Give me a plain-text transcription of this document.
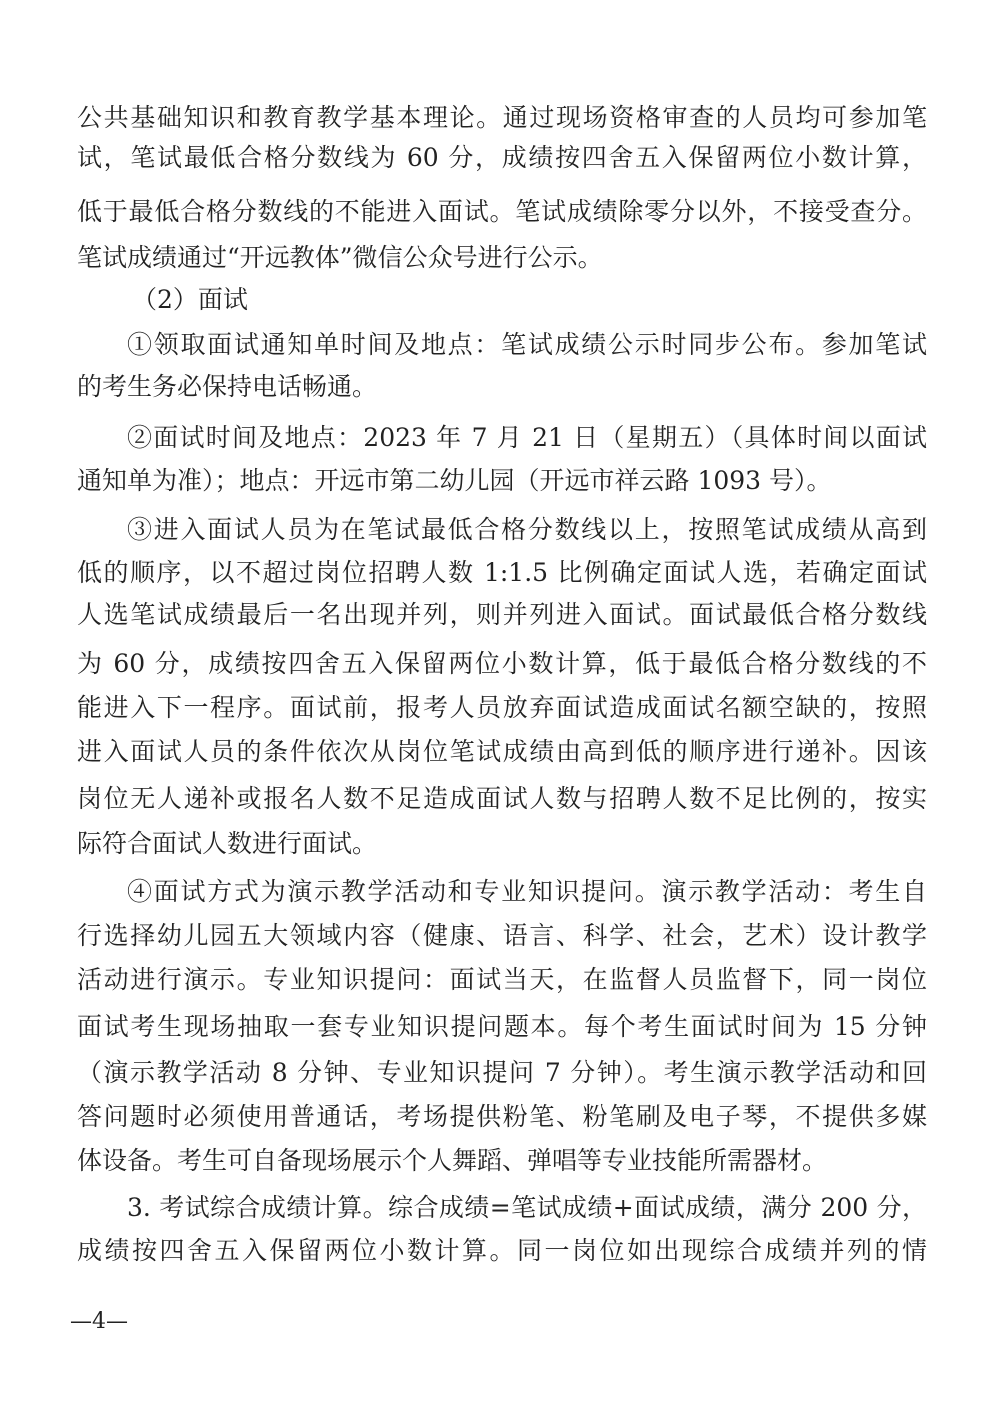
公共基础知识和教育教学基本理论。通过现场资格审查的人员均可参加笔
试，笔试最低合格分数线为 60 分，成绩按四舍五入保留两位小数计算，
低于最低合格分数线的不能进入面试。笔试成绩除零分以外，不接受查分。
笔试成绩通过“开远教体”微信公众号进行公示。
（2）面试
①领取面试通知单时间及地点：笔试成绩公示时同步公布。参加笔试
的考生务必保持电话畅通。
②面试时间及地点：2023 年 7 月 21 日（星期五）（具体时间以面试
通知单为准）；地点：开远市第二幼儿园（开远市祥云路 1093 号）。
③进入面试人员为在笔试最低合格分数线以上，按照笔试成绩从高到
低的顺序，以不超过岗位招聘人数 1:1.5 比例确定面试人选，若确定面试
人选笔试成绩最后一名出现并列，则并列进入面试。面试最低合格分数线
为 60 分，成绩按四舍五入保留两位小数计算，低于最低合格分数线的不
能进入下一程序。面试前，报考人员放弃面试造成面试名额空缺的，按照
进入面试人员的条件依次从岗位笔试成绩由高到低的顺序进行递补。因该
岗位无人递补或报名人数不足造成面试人数与招聘人数不足比例的，按实
际符合面试人数进行面试。
④面试方式为演示教学活动和专业知识提问。演示教学活动：考生自
行选择幼儿园五大领域内容（健康、语言、科学、社会，艺术）设计教学
活动进行演示。专业知识提问：面试当天，在监督人员监督下，同一岗位
面试考生现场抽取一套专业知识提问题本。每个考生面试时间为 15 分钟
（演示教学活动 8 分钟、专业知识提问 7 分钟）。考生演示教学活动和回
答问题时必须使用普通话，考场提供粉笔、粉笔刷及电子琴，不提供多媒
体设备。考生可自备现场展示个人舞蹈、弹唱等专业技能所需器材。
3. 考试综合成绩计算。综合成绩=笔试成绩+面试成绩，满分 200 分，
成绩按四舍五入保留两位小数计算。同一岗位如出现综合成绩并列的情
—4—
